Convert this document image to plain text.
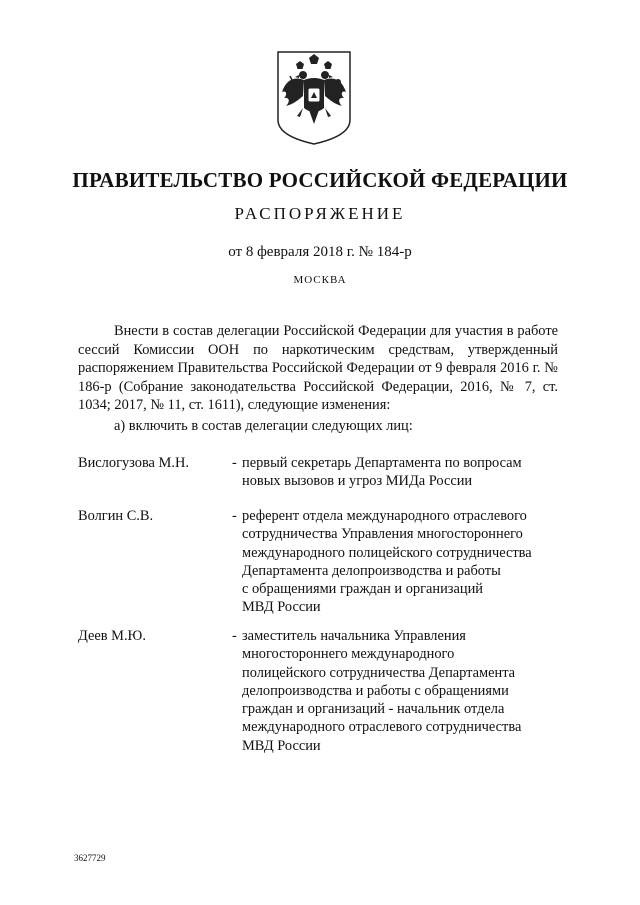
ПРАВИТЕЛЬСТВО РОССИЙСКОЙ ФЕДЕРАЦИИ
РАСПОРЯЖЕНИЕ
от 8 февраля 2018 г. № 184-р
МОСКВА

Внести в состав делегации Российской Федерации для участия в работе сессий Комиссии ООН по наркотическим средствам, утвержденный распоряжением Правительства Российской Федерации от 9 февраля 2016 г. № 186-р (Собрание законодательства Российской Федерации, 2016, № 7, ст. 1034; 2017, № 11, ст. 1611), следующие изменения:

а) включить в состав делегации следующих лиц:
Вислогузова М.Н.	- первый секретарь Департамента по вопросам
новых вызовов и угроз МИДа России
Волгин С.В.	- референт отдела международного отраслевого
сотрудничества Управления многостороннего
международного полицейского сотрудничества
Департамента делопроизводства и работы
с обращениями граждан и организаций
МВД России
Деев М.Ю.	- заместитель начальника Управления
многостороннего международного
полицейского сотрудничества Департамента
делопроизводства и работы с обращениями
граждан и организаций - начальник отдела
международного отраслевого сотрудничества
МВД России
3627729
